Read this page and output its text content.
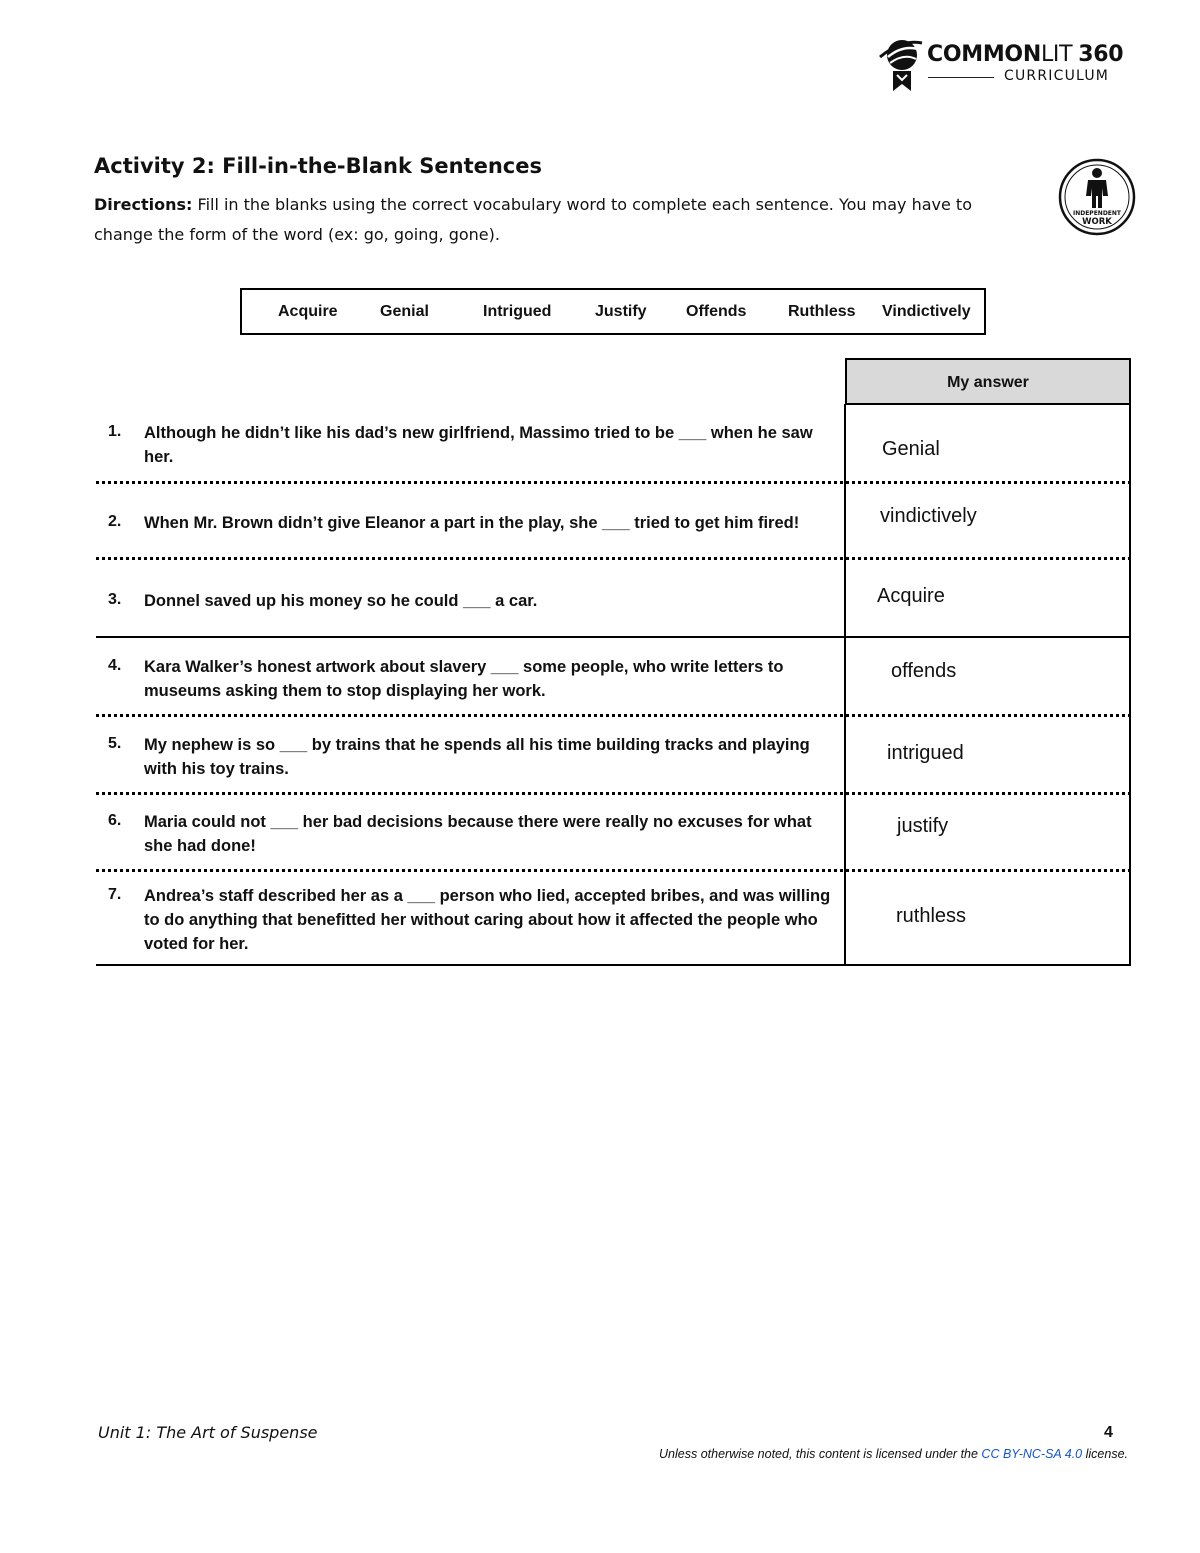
COMMONLIT 360
CURRICULUM
Activity 2: Fill-in-the-Blank Sentences
Directions: Fill in the blanks using the correct vocabulary word to complete each sentence. You may have to change the form of the word (ex: go, going, gone).
INDEPENDENT
WORK
Acquire	Genial	Intrigued	Justify Offends	Ruthless Vindictively
My answer
1. Although he didn’t like his dad’s new girlfriend, Massimo tried to be ___ when he saw her.	Genial
2. When Mr. Brown didn’t give Eleanor a part in the play, she ___ tried to get him fired!	vindictively
3. Donnel saved up his money so he could ___ a car.	Acquire
4. Kara Walker’s honest artwork about slavery ___ some people, who write letters to museums asking them to stop displaying her work.
offends
5. My nephew is so ___ by trains that he spends all his time building tracks and playing with his toy trains.
intrigued
6. Maria could not ___ her bad decisions because there were really no excuses for what she had done!
justify
7. Andrea’s staff described her as a ___ person who lied, accepted bribes, and was willing to do anything that benefitted her without caring about how it affected the people who voted for her.
ruthless
Unit 1: The Art of Suspense	4
Unless otherwise noted, this content is licensed under the CC BY-NC-SA 4.0 license.
